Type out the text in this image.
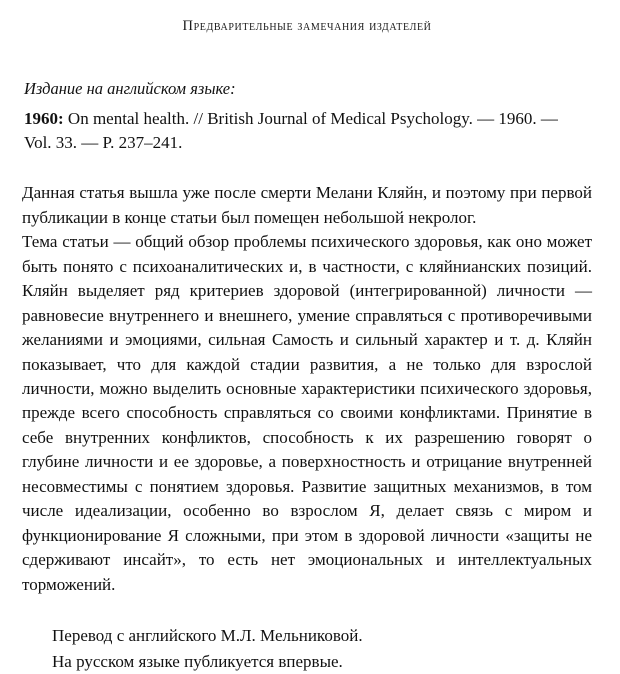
Предварительные замечания издателей
Издание на английском языке:
1960: On mental health. // British Journal of Medical Psychology. — 1960. —
Vol. 33. — P. 237–241.

Данная статья вышла уже после смерти Мелани Кляйн, и поэтому при первой публикации в конце статьи был помещен небольшой некролог.

Тема статьи — общий обзор проблемы психического здоровья, как оно может быть понято с психоаналитических и, в частности, с кляйнианских позиций. Кляйн выделяет ряд критериев здоровой (интегрированной) личности — равновесие внутреннего и внешнего, умение справляться с противоречивыми желаниями и эмоциями, сильная Самость и сильный характер и т. д. Кляйн показывает, что для каждой стадии развития, а не только для взрослой личности, можно выделить основные характеристики психического здоровья, прежде всего способность справляться со своими конфликтами. Принятие в себе внутренних конфликтов, способность к их разрешению говорят о глубине личности и ее здоровье, а поверхностность и отрицание внутренней несовместимы с понятием здоровья. Развитие защитных механизмов, в том числе идеализации, особенно во взрослом Я, делает связь с миром и функционирование Я сложными, при этом в здоровой личности «защиты не сдерживают инсайт», то есть нет эмоциональных и интеллектуальных торможений.

Перевод с английского М.Л. Мельниковой.
На русском языке публикуется впервые.
